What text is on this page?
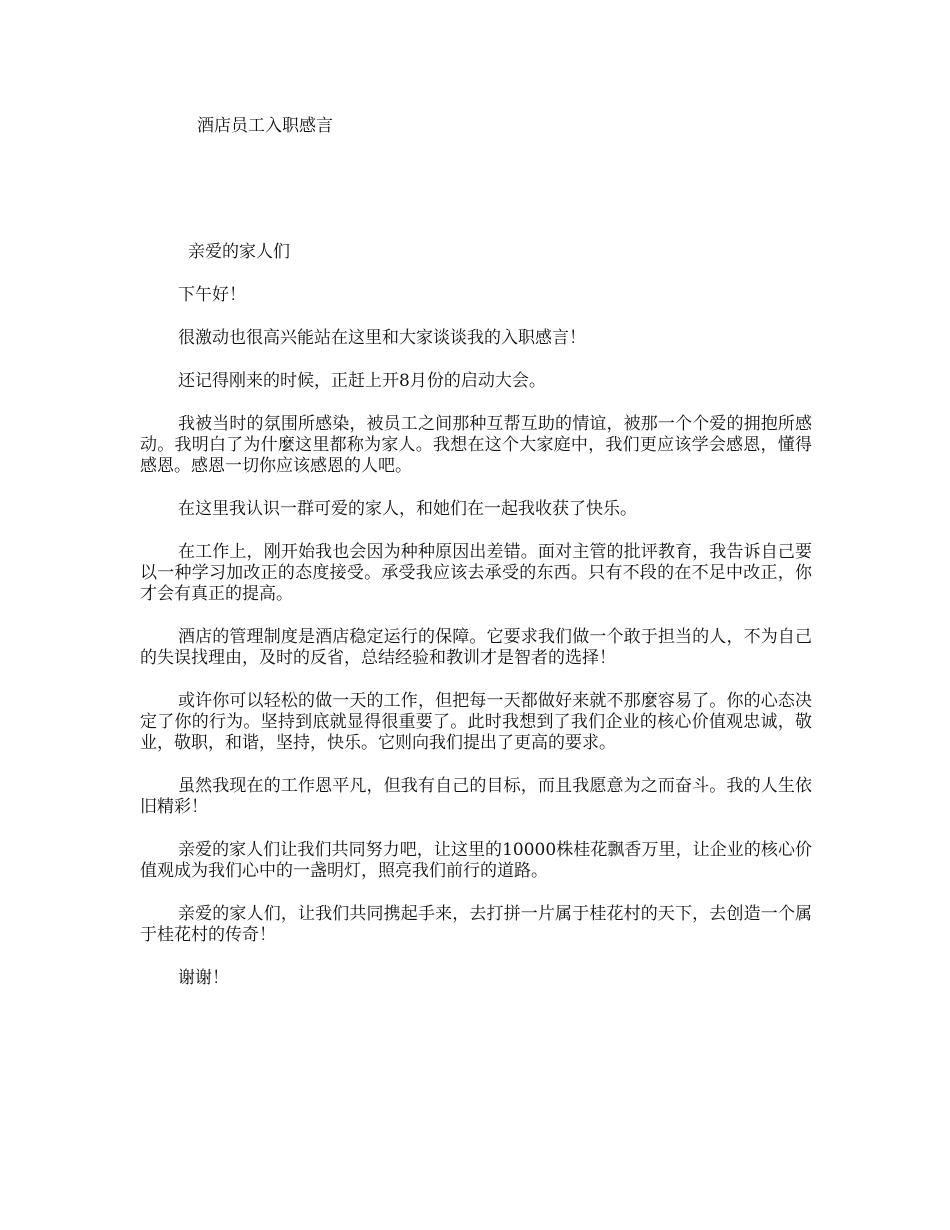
酒店员工入职感言

亲爱的家人们

下午好！

很激动也很高兴能站在这里和大家谈谈我的入职感言！

还记得刚来的时候，正赶上开8月份的启动大会。

我被当时的氛围所感染，被员工之间那种互帮互助的情谊，被那一个个爱的拥抱所感动。我明白了为什麼这里都称为家人。我想在这个大家庭中，我们更应该学会感恩，懂得感恩。感恩一切你应该感恩的人吧。

在这里我认识一群可爱的家人，和她们在一起我收获了快乐。

在工作上，刚开始我也会因为种种原因出差错。面对主管的批评教育，我告诉自己要以一种学习加改正的态度接受。承受我应该去承受的东西。只有不段的在不足中改正，你才会有真正的提高。

酒店的管理制度是酒店稳定运行的保障。它要求我们做一个敢于担当的人，不为自己的失误找理由，及时的反省，总结经验和教训才是智者的选择！

或许你可以轻松的做一天的工作，但把每一天都做好来就不那麼容易了。你的心态决定了你的行为。坚持到底就显得很重要了。此时我想到了我们企业的核心价值观忠诚，敬业，敬职，和谐，坚持，快乐。它则向我们提出了更高的要求。

虽然我现在的工作恩平凡，但我有自己的目标，而且我愿意为之而奋斗。我的人生依旧精彩！

亲爱的家人们让我们共同努力吧，让这里的10000株桂花飘香万里，让企业的核心价值观成为我们心中的一盏明灯，照亮我们前行的道路。

亲爱的家人们，让我们共同携起手来，去打拼一片属于桂花村的天下，去创造一个属于桂花村的传奇！

谢谢！
